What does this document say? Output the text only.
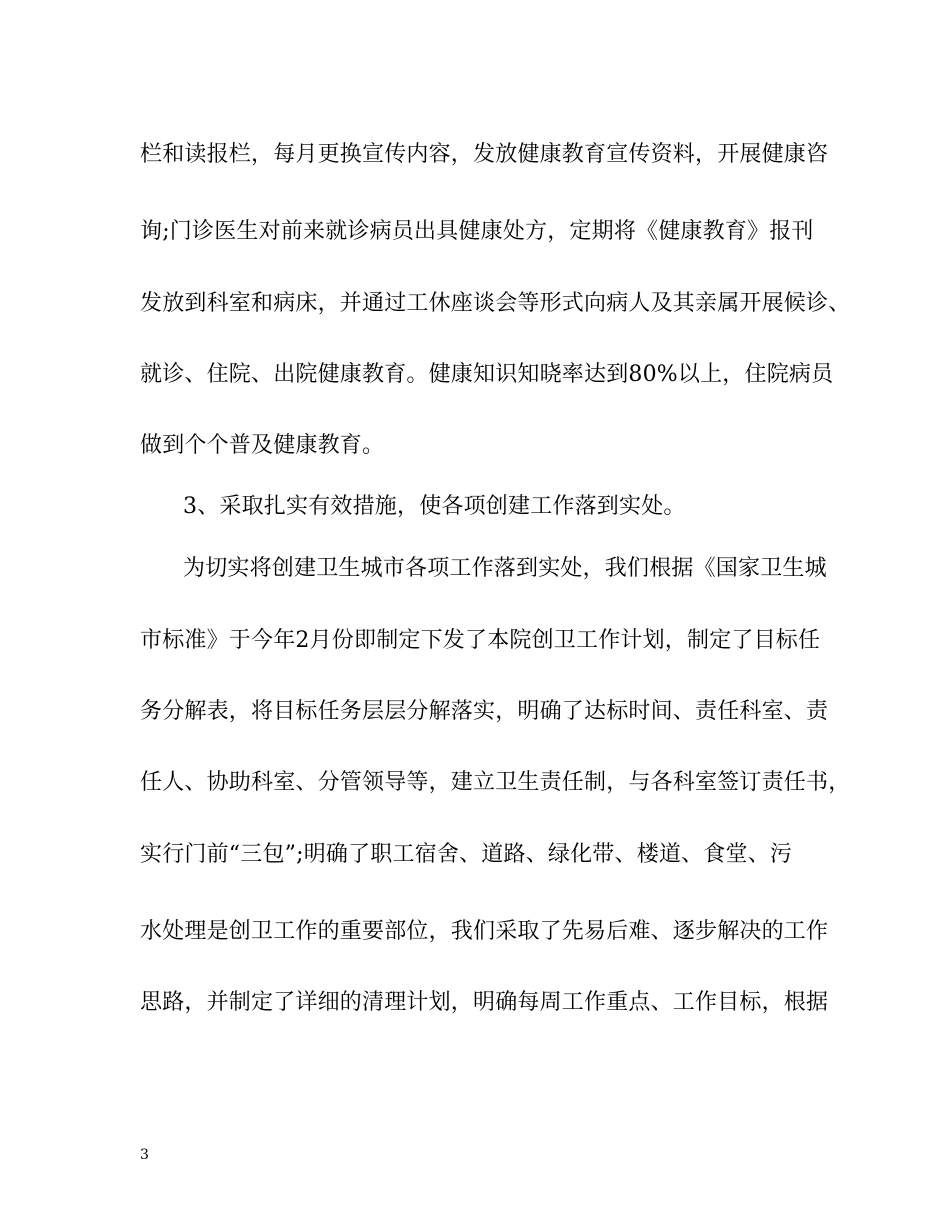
栏和读报栏，每月更换宣传内容，发放健康教育宣传资料，开展健康咨
询;门诊医生对前来就诊病员出具健康处方，定期将《健康教育》报刊
发放到科室和病床，并通过工休座谈会等形式向病人及其亲属开展候诊、
就诊、住院、出院健康教育。健康知识知晓率达到80%以上，住院病员
做到个个普及健康教育。
3、采取扎实有效措施，使各项创建工作落到实处。
为切实将创建卫生城市各项工作落到实处，我们根据《国家卫生城
市标准》于今年2月份即制定下发了本院创卫工作计划，制定了目标任
务分解表，将目标任务层层分解落实，明确了达标时间、责任科室、责
任人、协助科室、分管领导等，建立卫生责任制，与各科室签订责任书，
实行门前“三包”;明确了职工宿舍、道路、绿化带、楼道、食堂、污
水处理是创卫工作的重要部位，我们采取了先易后难、逐步解决的工作
思路，并制定了详细的清理计划，明确每周工作重点、工作目标，根据
3
